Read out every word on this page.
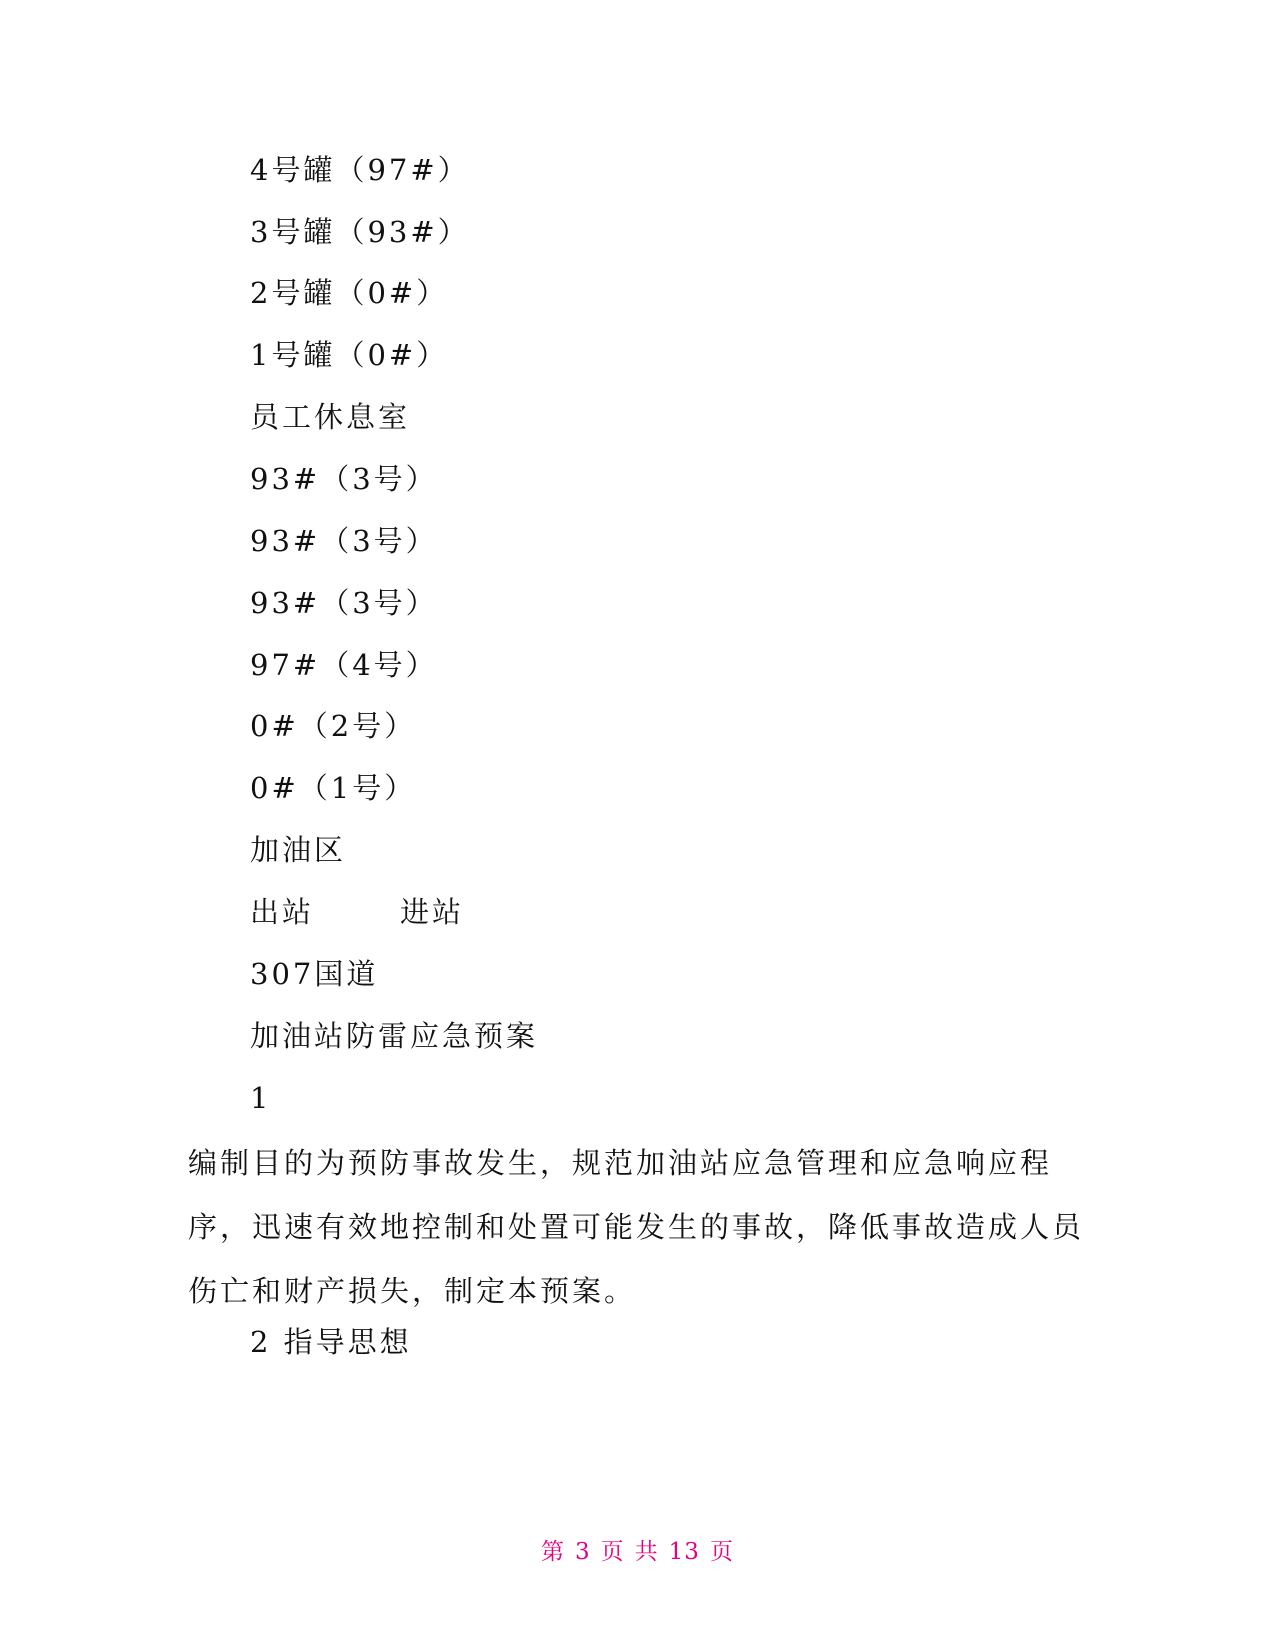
4号罐（97#）
3号罐（93#）
2号罐（0#）
1号罐（0#）
员工休息室
93#（3号）
93#（3号）
93#（3号）
97#（4号）
0#（2号）
0#（1号）
加油区
出站	进站
307国道
加油站防雷应急预案
1
编制目的为预防事故发生，规范加油站应急管理和应急响应程序，迅速有效地控制和处置可能发生的事故，降低事故造成人员伤亡和财产损失，制定本预案。
2 指导思想
第 3 页 共 13 页
